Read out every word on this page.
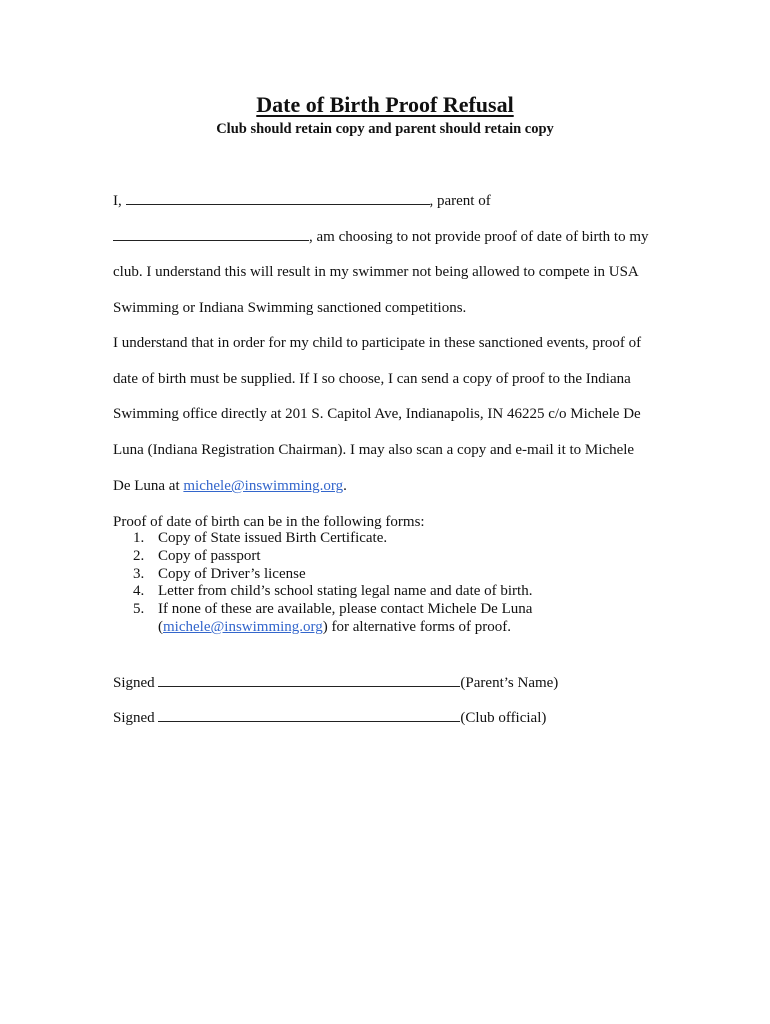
Date of Birth Proof Refusal
Club should retain copy and parent should retain copy
I,	, parent of
, am choosing to not provide proof of date of birth to my
club. I understand this will result in my swimmer not being allowed to compete in USA
Swimming or Indiana Swimming sanctioned competitions.
I understand that in order for my child to participate in these sanctioned events, proof of
date of birth must be supplied. If I so choose, I can send a copy of proof to the Indiana
Swimming office directly at 201 S. Capitol Ave, Indianapolis, IN 46225 c/o Michele De
Luna (Indiana Registration Chairman). I may also scan a copy and e-mail it to Michele
De Luna at michele@inswimming.org.
Proof of date of birth can be in the following forms:
1. Copy of State issued Birth Certificate.
2. Copy of passport
3. Copy of Driver’s license
4. Letter from child’s school stating legal name and date of birth.
5. If none of these are available, please contact Michele De Luna
(michele@inswimming.org) for alternative forms of proof.
Signed	(Parent’s Name)
Signed	(Club official)
